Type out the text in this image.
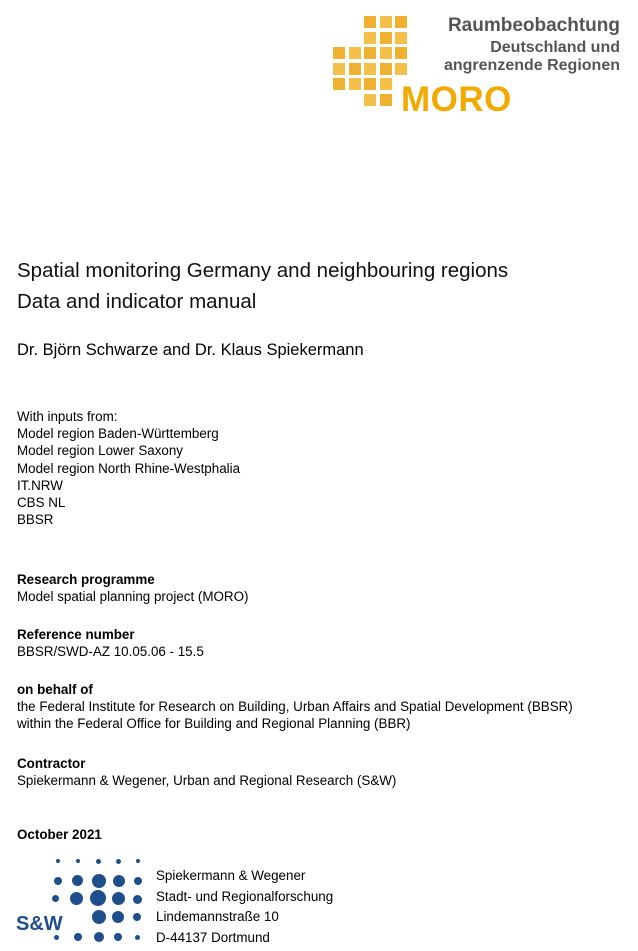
Raumbeobachtung
Deutschland und
angrenzende Regionen
MORO
Spatial monitoring Germany and neighbouring regions
Data and indicator manual
Dr. Björn Schwarze and Dr. Klaus Spiekermann
With inputs from:
Model region Baden-Württemberg
Model region Lower Saxony
Model region North Rhine-Westphalia
IT.NRW
CBS NL
BBSR
Research programme
Model spatial planning project (MORO)
Reference number
BBSR/SWD-AZ 10.05.06 - 15.5
on behalf of
the Federal Institute for Research on Building, Urban Affairs and Spatial Development (BBSR)
within the Federal Office for Building and Regional Planning (BBR)
Contractor
Spiekermann & Wegener, Urban and Regional Research (S&W)
October 2021
S&W
Spiekermann & Wegener
Stadt- und Regionalforschung
Lindemannstraße 10
D-44137 Dortmund
